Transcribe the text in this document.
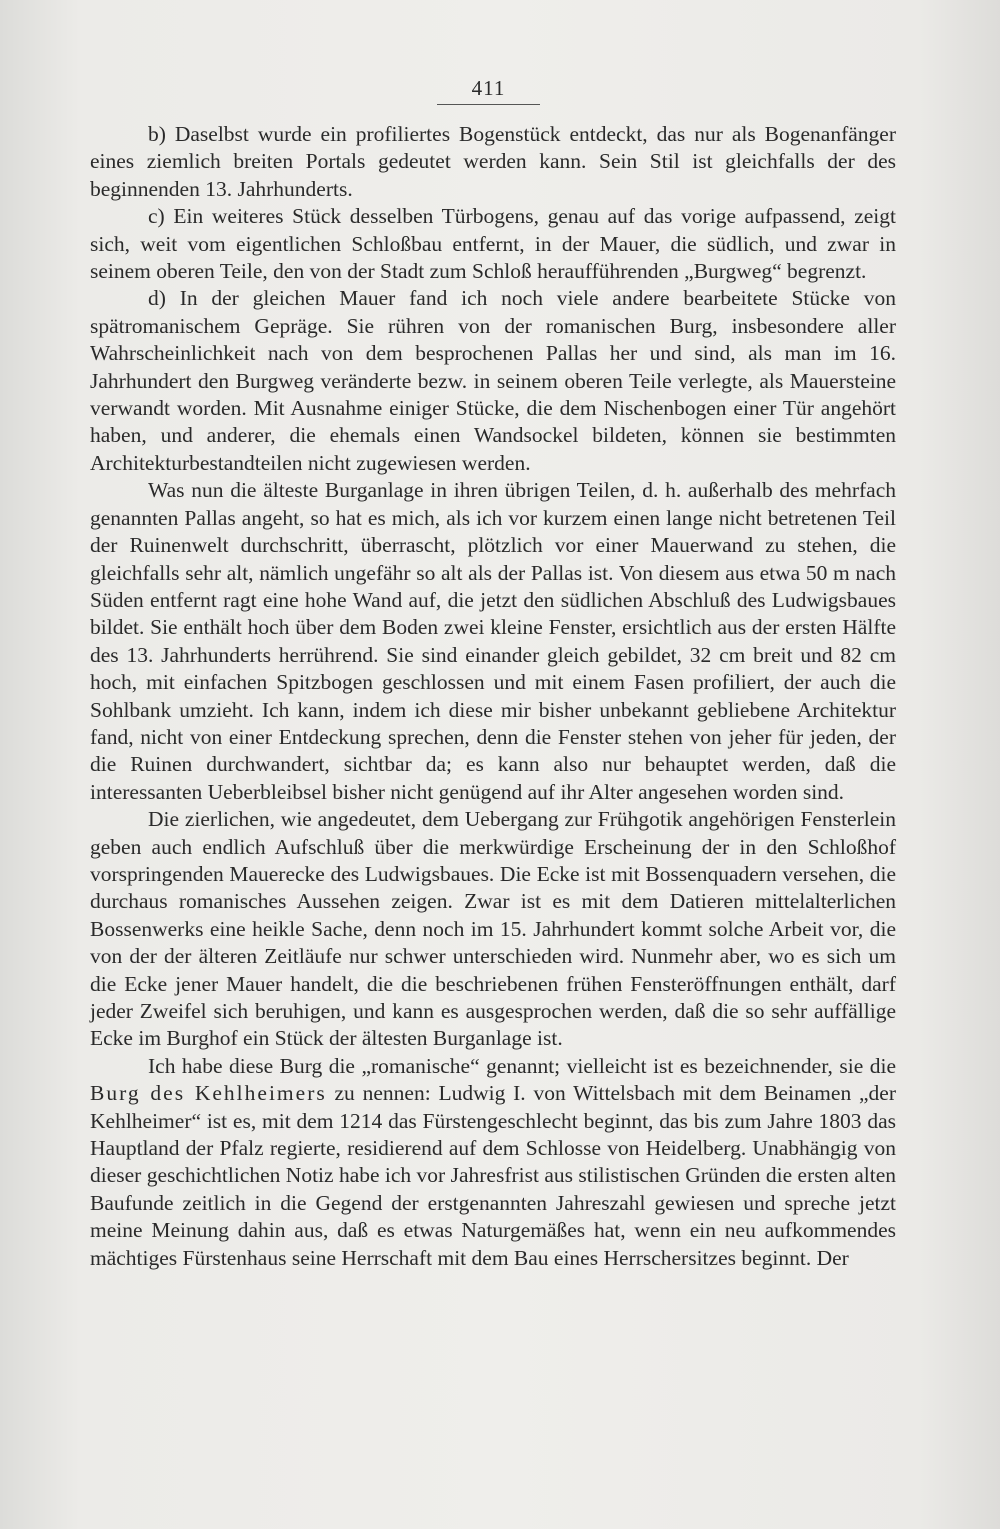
411

b) Daselbst wurde ein profiliertes Bogenstück entdeckt, das nur als Bogenanfänger eines ziemlich breiten Portals gedeutet werden kann. Sein Stil ist gleichfalls der des beginnenden 13. Jahrhunderts.

c) Ein weiteres Stück desselben Türbogens, genau auf das vorige aufpassend, zeigt sich, weit vom eigentlichen Schloßbau entfernt, in der Mauer, die südlich, und zwar in seinem oberen Teile, den von der Stadt zum Schloß heraufführenden „Burgweg“ begrenzt.

d) In der gleichen Mauer fand ich noch viele andere bearbeitete Stücke von spätromanischem Gepräge. Sie rühren von der romanischen Burg, insbesondere aller Wahrscheinlichkeit nach von dem besprochenen Pallas her und sind, als man im 16. Jahrhundert den Burgweg veränderte bezw. in seinem oberen Teile verlegte, als Mauersteine verwandt worden. Mit Ausnahme einiger Stücke, die dem Nischenbogen einer Tür angehört haben, und anderer, die ehemals einen Wandsockel bildeten, können sie bestimmten Architekturbestandteilen nicht zugewiesen werden.

Was nun die älteste Burganlage in ihren übrigen Teilen, d. h. außerhalb des mehrfach genannten Pallas angeht, so hat es mich, als ich vor kurzem einen lange nicht betretenen Teil der Ruinenwelt durchschritt, überrascht, plötzlich vor einer Mauerwand zu stehen, die gleichfalls sehr alt, nämlich ungefähr so alt als der Pallas ist. Von diesem aus etwa 50 m nach Süden entfernt ragt eine hohe Wand auf, die jetzt den südlichen Abschluß des Ludwigsbaues bildet. Sie enthält hoch über dem Boden zwei kleine Fenster, ersichtlich aus der ersten Hälfte des 13. Jahrhunderts herrührend. Sie sind einander gleich gebildet, 32 cm breit und 82 cm hoch, mit einfachen Spitzbogen geschlossen und mit einem Fasen profiliert, der auch die Sohlbank umzieht. Ich kann, indem ich diese mir bisher unbekannt gebliebene Architektur fand, nicht von einer Entdeckung sprechen, denn die Fenster stehen von jeher für jeden, der die Ruinen durchwandert, sichtbar da; es kann also nur behauptet werden, daß die interessanten Ueberbleibsel bisher nicht genügend auf ihr Alter angesehen worden sind.

Die zierlichen, wie angedeutet, dem Uebergang zur Frühgotik angehörigen Fensterlein geben auch endlich Aufschluß über die merkwürdige Erscheinung der in den Schloßhof vorspringenden Mauerecke des Ludwigsbaues. Die Ecke ist mit Bossenquadern versehen, die durchaus romanisches Aussehen zeigen. Zwar ist es mit dem Datieren mittelalterlichen Bossenwerks eine heikle Sache, denn noch im 15. Jahrhundert kommt solche Arbeit vor, die von der der älteren Zeitläufe nur schwer unterschieden wird. Nunmehr aber, wo es sich um die Ecke jener Mauer handelt, die die beschriebenen frühen Fensteröffnungen enthält, darf jeder Zweifel sich beruhigen, und kann es ausgesprochen werden, daß die so sehr auffällige Ecke im Burghof ein Stück der ältesten Burganlage ist.

Ich habe diese Burg die „romanische“ genannt; vielleicht ist es bezeichnender, sie die Burg des Kehlheimers zu nennen: Ludwig I. von Wittelsbach mit dem Beinamen „der Kehlheimer“ ist es, mit dem 1214 das Fürstengeschlecht beginnt, das bis zum Jahre 1803 das Hauptland der Pfalz regierte, residierend auf dem Schlosse von Heidelberg. Unabhängig von dieser geschichtlichen Notiz habe ich vor Jahresfrist aus stilistischen Gründen die ersten alten Baufunde zeitlich in die Gegend der erstgenannten Jahreszahl gewiesen und spreche jetzt meine Meinung dahin aus, daß es etwas Naturgemäßes hat, wenn ein neu aufkommendes mächtiges Fürstenhaus seine Herrschaft mit dem Bau eines Herrschersitzes beginnt. Der
